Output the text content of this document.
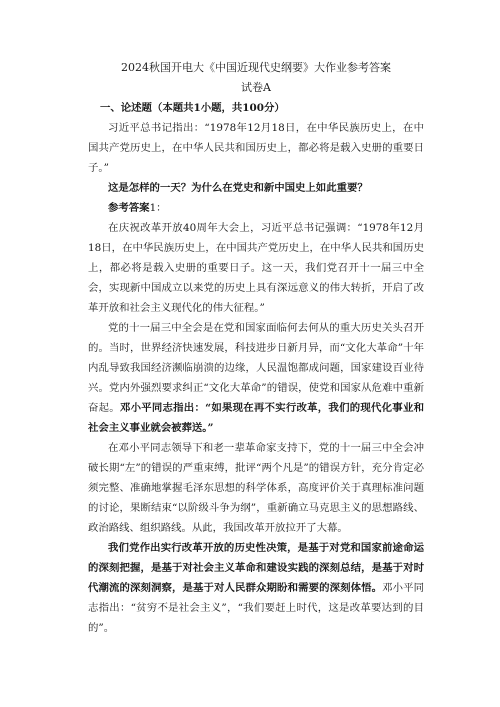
2024秋国开电大《中国近现代史纲要》大作业参考答案

试卷A

一、论述题（本题共1小题，共100分）

习近平总书记指出：“1978年12月18日，在中华民族历史上，在中国共产党历史上，在中华人民共和国历史上，都必将是载入史册的重要日子。”

这是怎样的一天？为什么在党史和新中国史上如此重要？

参考答案1：

在庆祝改革开放40周年大会上，习近平总书记强调：“1978年12月18日，在中华民族历史上，在中国共产党历史上，在中华人民共和国历史上，都必将是载入史册的重要日子。这一天，我们党召开十一届三中全会，实现新中国成立以来党的历史上具有深远意义的伟大转折，开启了改革开放和社会主义现代化的伟大征程。”

党的十一届三中全会是在党和国家面临何去何从的重大历史关头召开的。当时，世界经济快速发展，科技进步日新月异，而“文化大革命”十年内乱导致我国经济濒临崩溃的边缘，人民温饱都成问题，国家建设百业待兴。党内外强烈要求纠正“文化大革命”的错误，使党和国家从危难中重新奋起。邓小平同志指出：“如果现在再不实行改革，我们的现代化事业和社会主义事业就会被葬送。”

在邓小平同志领导下和老一辈革命家支持下，党的十一届三中全会冲破长期“左”的错误的严重束缚，批评“两个凡是”的错误方针，充分肯定必须完整、准确地掌握毛泽东思想的科学体系，高度评价关于真理标准问题的讨论，果断结束“以阶级斗争为纲”，重新确立马克思主义的思想路线、政治路线、组织路线。从此，我国改革开放拉开了大幕。

我们党作出实行改革开放的历史性决策，是基于对党和国家前途命运的深刻把握，是基于对社会主义革命和建设实践的深刻总结，是基于对时代潮流的深刻洞察，是基于对人民群众期盼和需要的深刻体悟。邓小平同志指出：“贫穷不是社会主义”，“我们要赶上时代，这是改革要达到的目的”。
